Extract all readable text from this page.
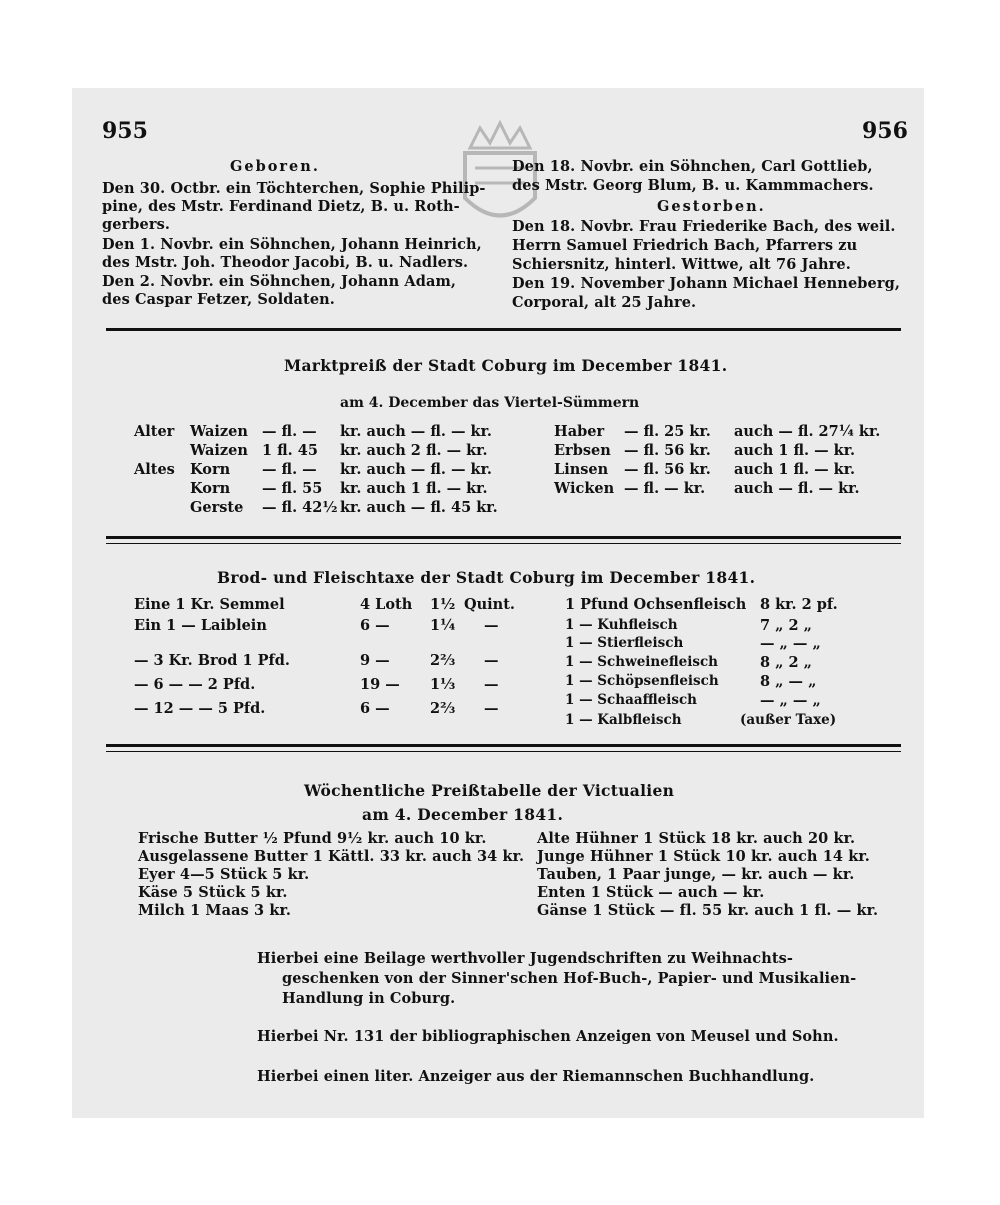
955	956
Geboren.
Den 30. Octbr. ein Töchterchen, Sophie Philip-
pine, des Mstr. Ferdinand Dietz, B. u. Roth-
gerbers.
Den 1. Novbr. ein Söhnchen, Johann Heinrich,
des Mstr. Joh. Theodor Jacobi, B. u. Nadlers.
Den 2. Novbr. ein Söhnchen, Johann Adam,
des Caspar Fetzer, Soldaten.
Den 18. Novbr. ein Söhnchen, Carl Gottlieb,
des Mstr. Georg Blum, B. u. Kammmachers.
Gestorben.
Den 18. Novbr. Frau Friederike Bach, des weil.
Herrn Samuel Friedrich Bach, Pfarrers zu
Schiersnitz, hinterl. Wittwe, alt 76 Jahre.
Den 19. November Johann Michael Henneberg,
Corporal, alt 25 Jahre.
Marktpreiß der Stadt Coburg im December 1841.
am 4. December das Viertel-Sümmern
Alter Waizen — fl. — kr. auch — fl. — kr.	Haber — fl. 25 kr. auch — fl. 27¼ kr.
Waizen 1 fl. 45 kr. auch 2 fl. — kr.	Erbsen — fl. 56 kr. auch 1 fl. — kr.
Altes Korn — fl. — kr. auch — fl. — kr.	Linsen — fl. 56 kr. auch 1 fl. — kr.
Korn — fl. 55 kr. auch 1 fl. — kr.	Wicken — fl. — kr. auch — fl. — kr.
Gerste — fl. 42½ kr. auch — fl. 45 kr.
Brod- und Fleischtaxe der Stadt Coburg im December 1841.
Eine 1 Kr. Semmel	4 Loth 1½ Quint.	1 Pfund Ochsenfleisch 8 kr. 2 pf.
Ein 1 — Laiblein	6 —	1¼ —	1 — Kuhfleisch	7 „ 2 „
1 — Stierfleisch	— „ — „
— 3 Kr. Brod 1 Pfd.	9 —	2⅔ —	1 — Schweinefleisch	8 „ 2 „
— 6 — — 2 Pfd.	19 — 1⅓ —	1 — Schöpsenfleisch	8 „ — „
1 — Schaaffleisch	— „ — „
— 12 — — 5 Pfd.	6 —	2⅔ —
1 — Kalbfleisch	(außer Taxe)
Wöchentliche Preißtabelle der Victualien
am 4. December 1841.
Frische Butter ½ Pfund 9½ kr. auch 10 kr.
Ausgelassene Butter 1 Kättl. 33 kr. auch 34 kr.
Eyer 4—5 Stück 5 kr.
Käse 5 Stück 5 kr.
Milch 1 Maas 3 kr.
Alte Hühner 1 Stück 18 kr. auch 20 kr.
Junge Hühner 1 Stück 10 kr. auch 14 kr.
Tauben, 1 Paar junge, — kr. auch — kr.
Enten 1 Stück — auch — kr.
Gänse 1 Stück — fl. 55 kr. auch 1 fl. — kr.
Hierbei eine Beilage werthvoller Jugendschriften zu Weihnachts-
geschenken von der Sinner'schen Hof-Buch-, Papier- und Musikalien-
Handlung in Coburg.
Hierbei Nr. 131 der bibliographischen Anzeigen von Meusel und Sohn.
Hierbei einen liter. Anzeiger aus der Riemannschen Buchhandlung.
